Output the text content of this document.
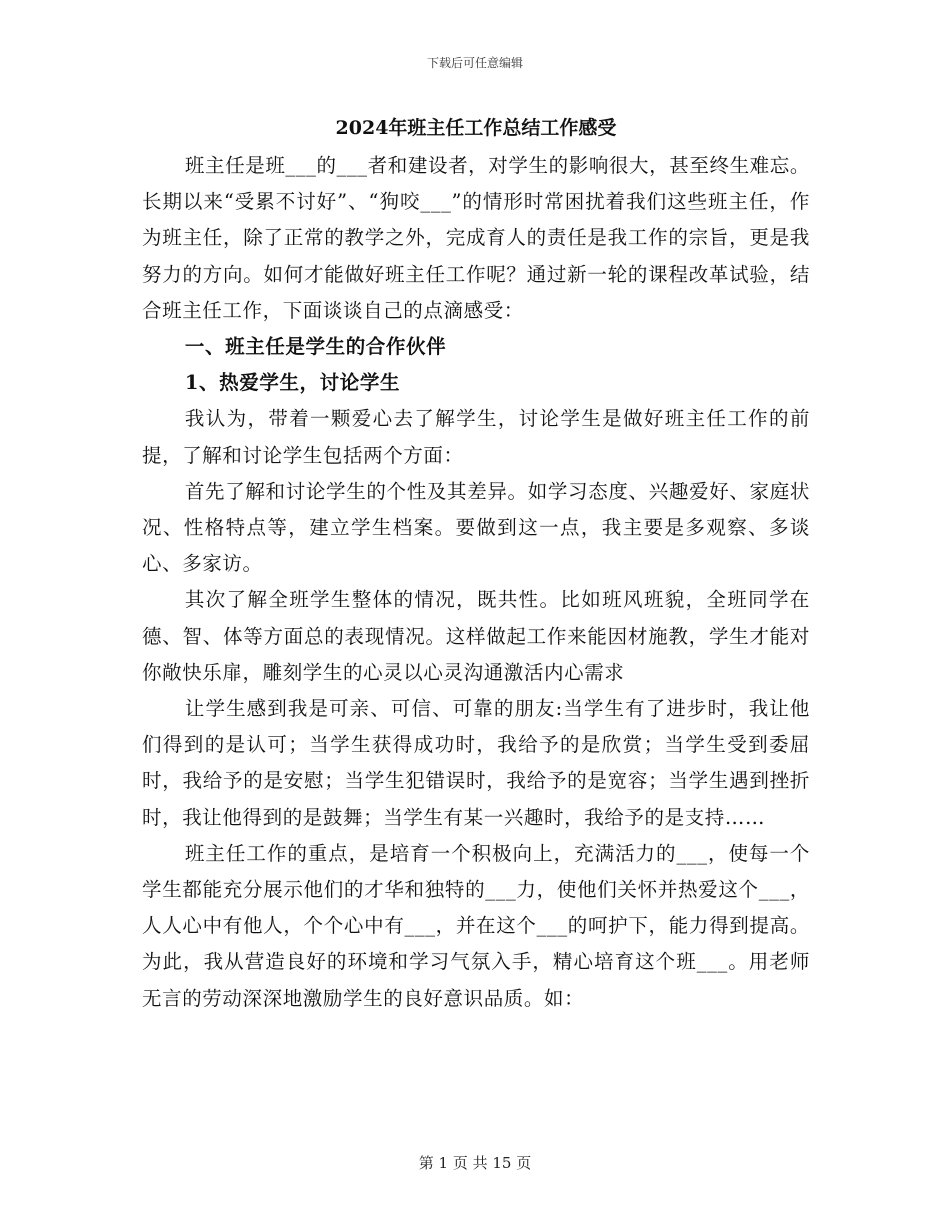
下载后可任意编辑
2024年班主任工作总结工作感受

班主任是班___的___者和建设者，对学生的影响很大，甚至终生难忘。长期以来“受累不讨好”、“狗咬___”的情形时常困扰着我们这些班主任，作为班主任，除了正常的教学之外，完成育人的责任是我工作的宗旨，更是我努力的方向。如何才能做好班主任工作呢？通过新一轮的课程改革试验，结合班主任工作，下面谈谈自己的点滴感受：

一、班主任是学生的合作伙伴

1、热爱学生，讨论学生

我认为，带着一颗爱心去了解学生，讨论学生是做好班主任工作的前提，了解和讨论学生包括两个方面：

首先了解和讨论学生的个性及其差异。如学习态度、兴趣爱好、家庭状况、性格特点等，建立学生档案。要做到这一点，我主要是多观察、多谈心、多家访。

其次了解全班学生整体的情况，既共性。比如班风班貌，全班同学在德、智、体等方面总的表现情况。这样做起工作来能因材施教，学生才能对你敞快乐扉，雕刻学生的心灵以心灵沟通激活内心需求

让学生感到我是可亲、可信、可靠的朋友:当学生有了进步时，我让他们得到的是认可；当学生获得成功时，我给予的是欣赏；当学生受到委屈时，我给予的是安慰；当学生犯错误时，我给予的是宽容；当学生遇到挫折时，我让他得到的是鼓舞；当学生有某一兴趣时，我给予的是支持……

班主任工作的重点，是培育一个积极向上，充满活力的___，使每一个学生都能充分展示他们的才华和独特的___力，使他们关怀并热爱这个___，人人心中有他人，个个心中有___，并在这个___的呵护下，能力得到提高。为此，我从营造良好的环境和学习气氛入手，精心培育这个班___。用老师无言的劳动深深地激励学生的良好意识品质。如：

第 1 页 共 15 页
